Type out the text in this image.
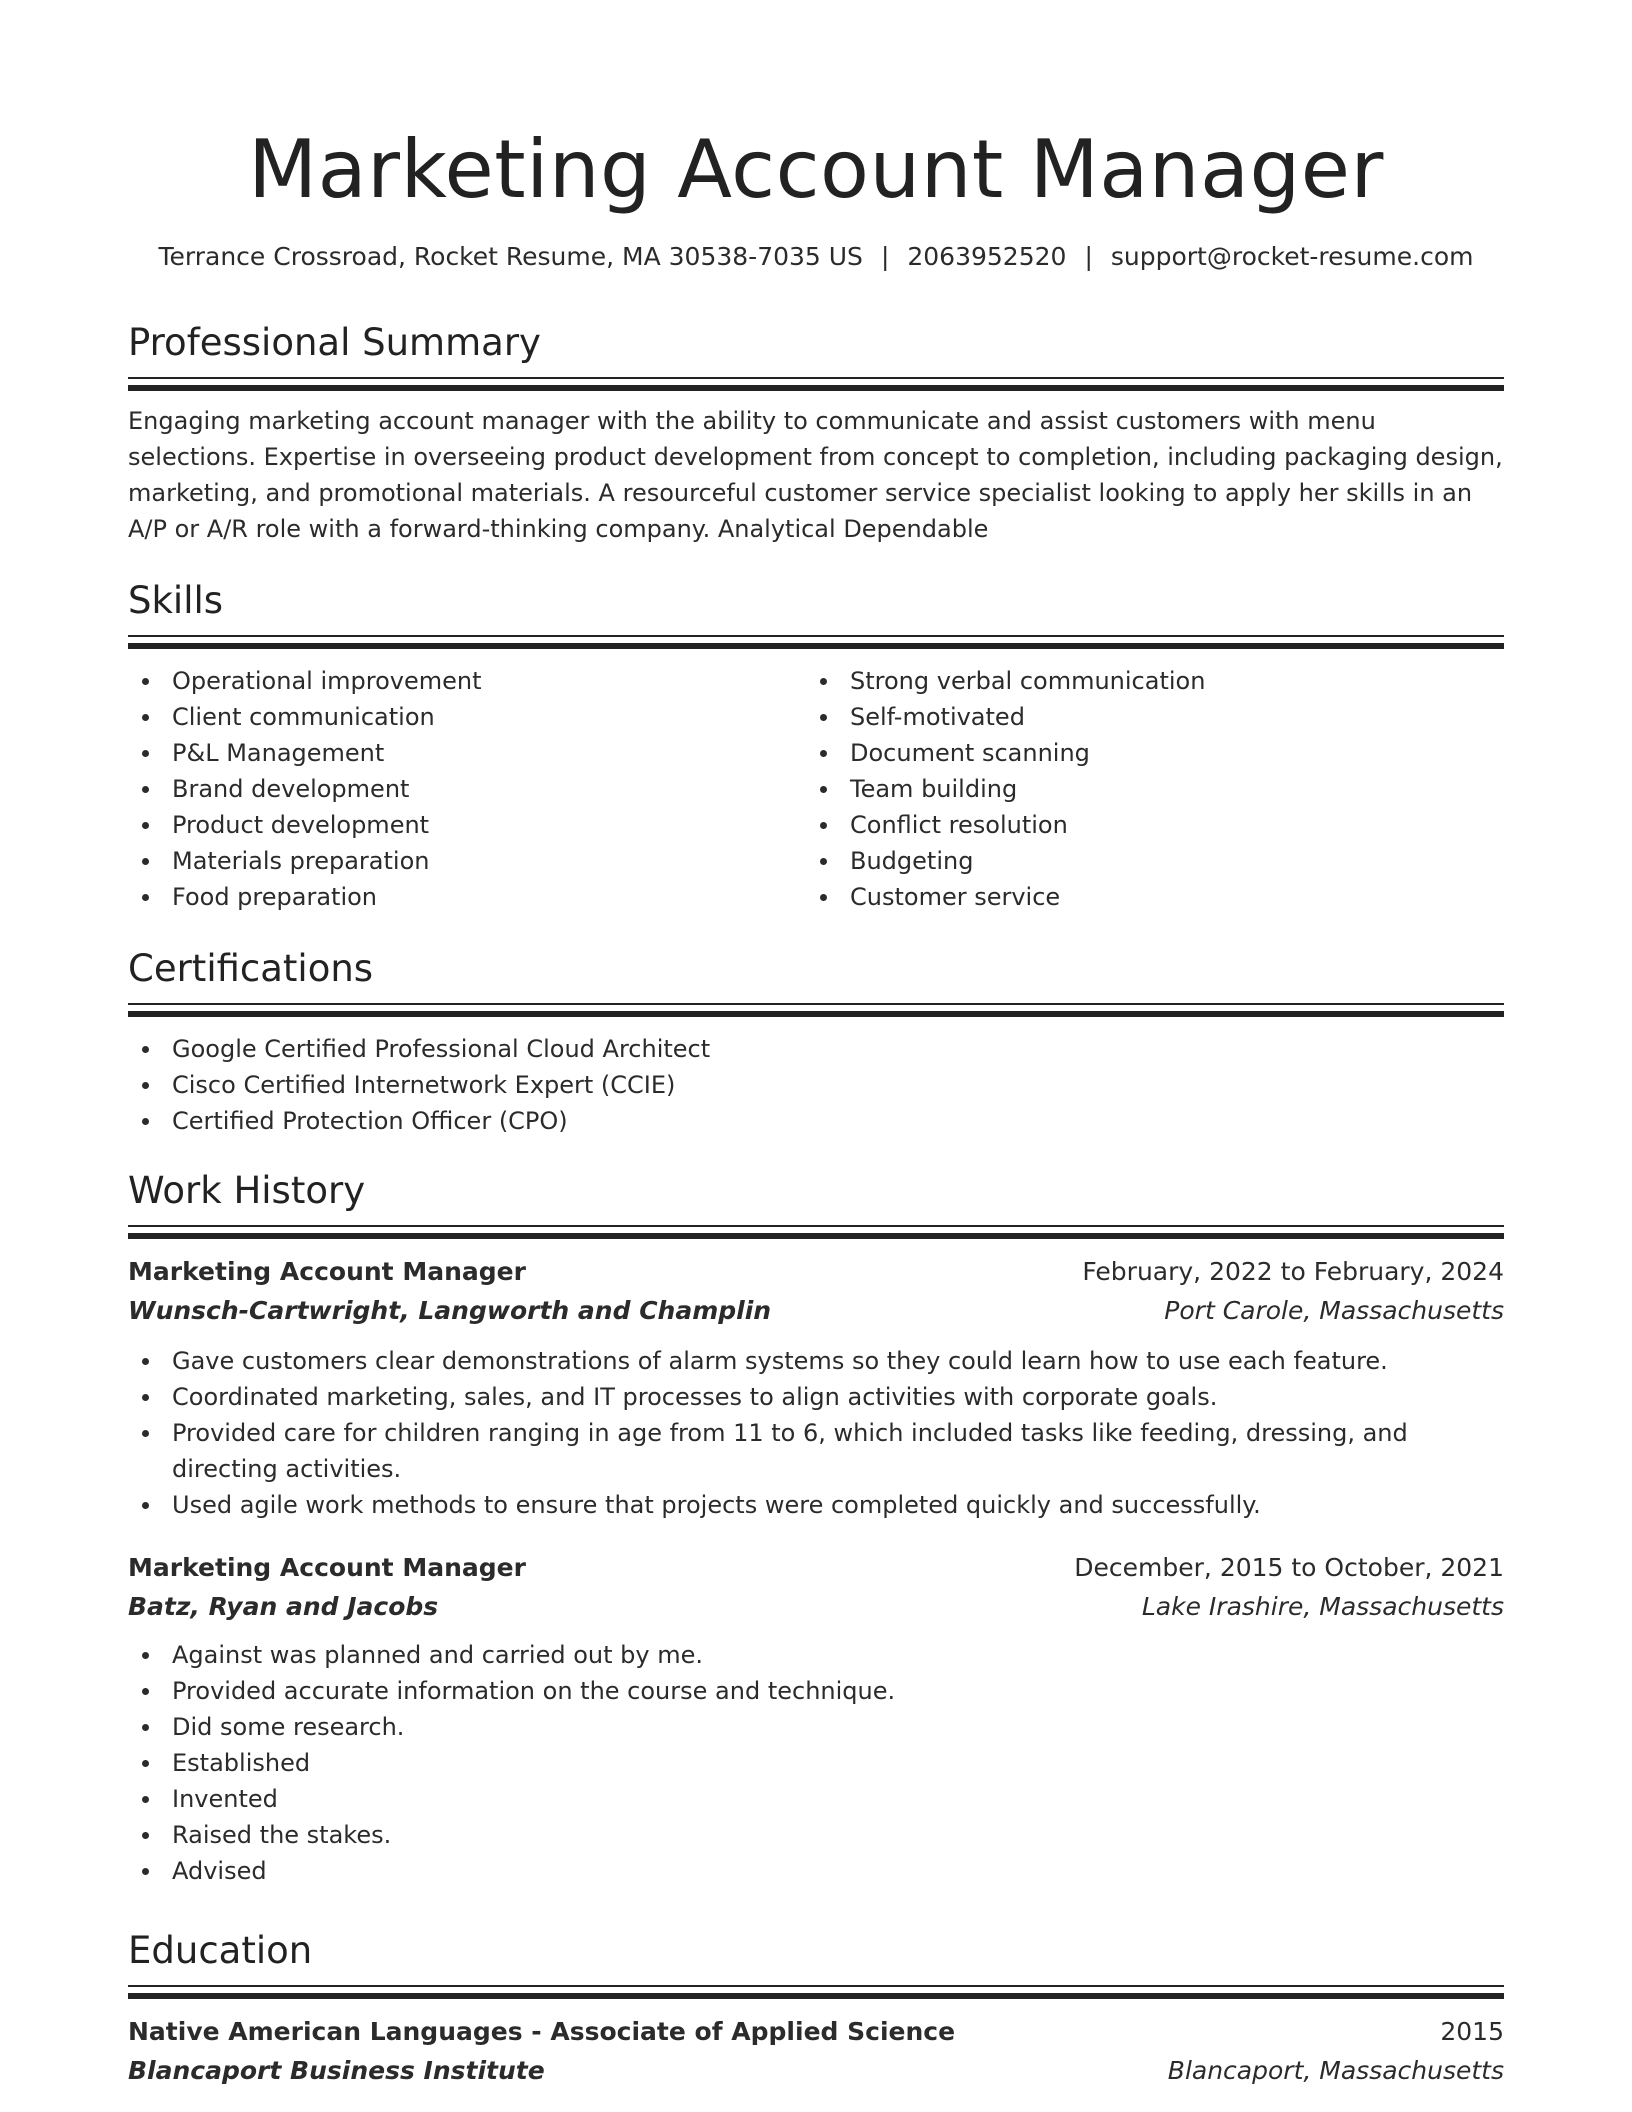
Marketing Account Manager
Terrance Crossroad, Rocket Resume, MA 30538-7035 US | 2063952520 | support@rocket-resume.com
Professional Summary

Engaging marketing account manager with the ability to communicate and assist customers with menu selections. Expertise in overseeing product development from concept to completion, including packaging design, marketing, and promotional materials. A resourceful customer service specialist looking to apply her skills in an A/P or A/R role with a forward-thinking company. Analytical Dependable

Skills
Operational improvement
Client communication
P&L Management
Brand development
Product development
Materials preparation
Food preparation
Strong verbal communication
Self-motivated
Document scanning
Team building
Conflict resolution
Budgeting
Customer service
Certifications
Google Certified Professional Cloud Architect
Cisco Certified Internetwork Expert (CCIE)
Certified Protection Officer (CPO)
Work History
Marketing Account Manager	February, 2022 to February, 2024
Wunsch-Cartwright, Langworth and Champlin	Port Carole, Massachusetts
Gave customers clear demonstrations of alarm systems so they could learn how to use each feature.
Coordinated marketing, sales, and IT processes to align activities with corporate goals.
Provided care for children ranging in age from 11 to 6, which included tasks like feeding, dressing, and directing activities.
Used agile work methods to ensure that projects were completed quickly and successfully.
Marketing Account Manager	December, 2015 to October, 2021
Batz, Ryan and Jacobs	Lake Irashire, Massachusetts
Against was planned and carried out by me.
Provided accurate information on the course and technique.
Did some research.
Established
Invented
Raised the stakes.
Advised
Education
Native American Languages - Associate of Applied Science	2015
Blancaport Business Institute	Blancaport, Massachusetts
